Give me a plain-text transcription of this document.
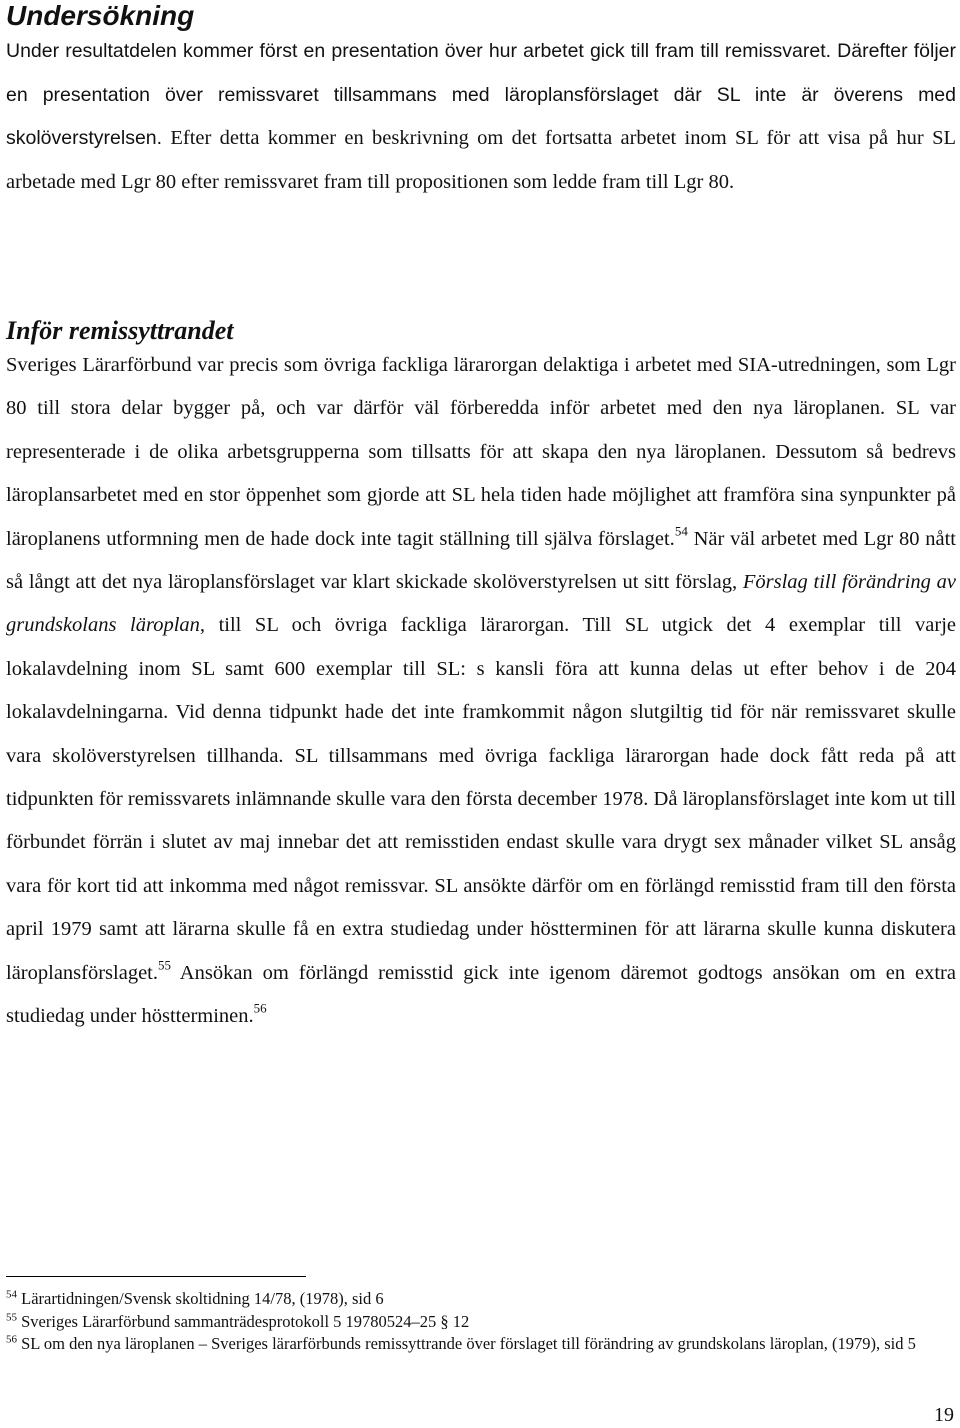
Undersökning

Under resultatdelen kommer först en presentation över hur arbetet gick till fram till remissvaret. Därefter följer en presentation över remissvaret tillsammans med läroplansförslaget där SL inte är överens med skolöverstyrelsen. Efter detta kommer en beskrivning om det fortsatta arbetet inom SL för att visa på hur SL arbetade med Lgr 80 efter remissvaret fram till propositionen som ledde fram till Lgr 80.

Inför remissyttrandet

Sveriges Lärarförbund var precis som övriga fackliga lärarorgan delaktiga i arbetet med SIA-utredningen, som Lgr 80 till stora delar bygger på, och var därför väl förberedda inför arbetet med den nya läroplanen. SL var representerade i de olika arbetsgrupperna som tillsatts för att skapa den nya läroplanen. Dessutom så bedrevs läroplansarbetet med en stor öppenhet som gjorde att SL hela tiden hade möjlighet att framföra sina synpunkter på läroplanens utformning men de hade dock inte tagit ställning till själva förslaget.$^{54}$ När väl arbetet med Lgr 80 nått så långt att det nya läroplansförslaget var klart skickade skolöverstyrelsen ut sitt förslag, Förslag till förändring av grundskolans läroplan, till SL och övriga fackliga lärarorgan. Till SL utgick det 4 exemplar till varje lokalavdelning inom SL samt 600 exemplar till SL: s kansli föra att kunna delas ut efter behov i de 204 lokalavdelningarna. Vid denna tidpunkt hade det inte framkommit någon slutgiltig tid för när remissvaret skulle vara skolöverstyrelsen tillhanda. SL tillsammans med övriga fackliga lärarorgan hade dock fått reda på att tidpunkten för remissvarets inlämnande skulle vara den första december 1978. Då läroplansförslaget inte kom ut till förbundet förrän i slutet av maj innebar det att remisstiden endast skulle vara drygt sex månader vilket SL ansåg vara för kort tid att inkomma med något remissvar. SL ansökte därför om en förlängd remisstid fram till den första april 1979 samt att lärarna skulle få en extra studiedag under höstterminen för att lärarna skulle kunna diskutera läroplansförslaget.$^{55}$ Ansökan om förlängd remisstid gick inte igenom däremot godtogs ansökan om en extra studiedag under höstterminen.$^{56}$

$^{54}$ Lärartidningen/Svensk skoltidning 14/78, (1978), sid 6

$^{55}$ Sveriges Lärarförbund sammanträdesprotokoll 5 19780524–25 § 12

$^{56}$ SL om den nya läroplanen – Sveriges lärarförbunds remissyttrande över förslaget till förändring av grundskolans läroplan, (1979), sid 5

19
